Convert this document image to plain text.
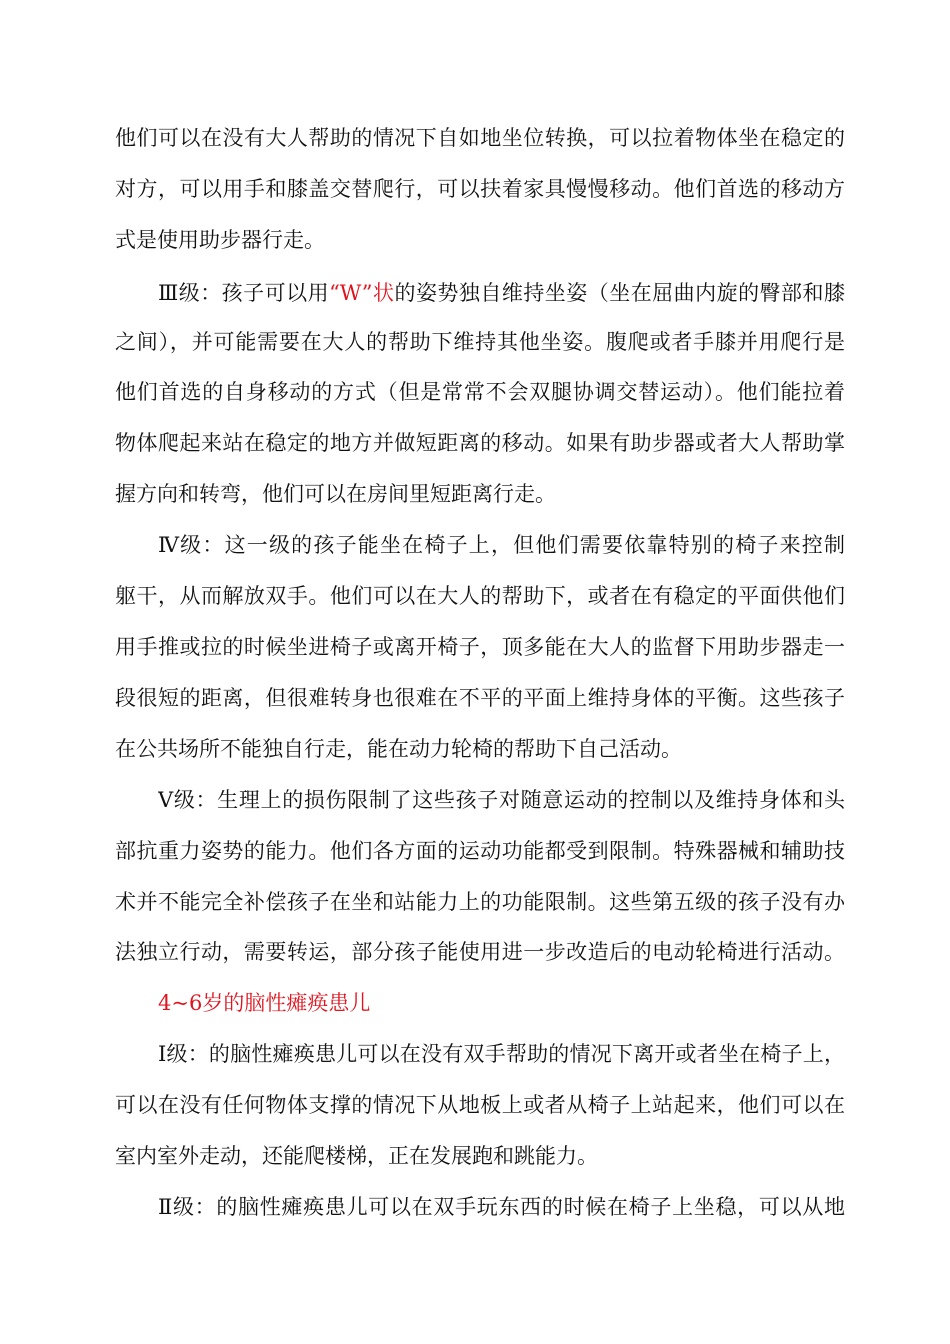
他们可以在没有大人帮助的情况下自如地坐位转换，可以拉着物体坐在稳定的
对方，可以用手和膝盖交替爬行，可以扶着家具慢慢移动。他们首选的移动方
式是使用助步器行走。
Ⅲ级：孩子可以用“W”状的姿势独自维持坐姿（坐在屈曲内旋的臀部和膝
之间），并可能需要在大人的帮助下维持其他坐姿。腹爬或者手膝并用爬行是
他们首选的自身移动的方式（但是常常不会双腿协调交替运动）。他们能拉着
物体爬起来站在稳定的地方并做短距离的移动。如果有助步器或者大人帮助掌
握方向和转弯，他们可以在房间里短距离行走。
Ⅳ级：这一级的孩子能坐在椅子上，但他们需要依靠特别的椅子来控制
躯干，从而解放双手。他们可以在大人的帮助下，或者在有稳定的平面供他们
用手推或拉的时候坐进椅子或离开椅子，顶多能在大人的监督下用助步器走一
段很短的距离，但很难转身也很难在不平的平面上维持身体的平衡。这些孩子
在公共场所不能独自行走，能在动力轮椅的帮助下自己活动。
Ⅴ级：生理上的损伤限制了这些孩子对随意运动的控制以及维持身体和头
部抗重力姿势的能力。他们各方面的运动功能都受到限制。特殊器械和辅助技
术并不能完全补偿孩子在坐和站能力上的功能限制。这些第五级的孩子没有办
法独立行动，需要转运，部分孩子能使用进一步改造后的电动轮椅进行活动。
4~6岁的脑性瘫痪患儿
Ⅰ级：的脑性瘫痪患儿可以在没有双手帮助的情况下离开或者坐在椅子上，
可以在没有任何物体支撑的情况下从地板上或者从椅子上站起来，他们可以在
室内室外走动，还能爬楼梯，正在发展跑和跳能力。
Ⅱ级：的脑性瘫痪患儿可以在双手玩东西的时候在椅子上坐稳，可以从地
